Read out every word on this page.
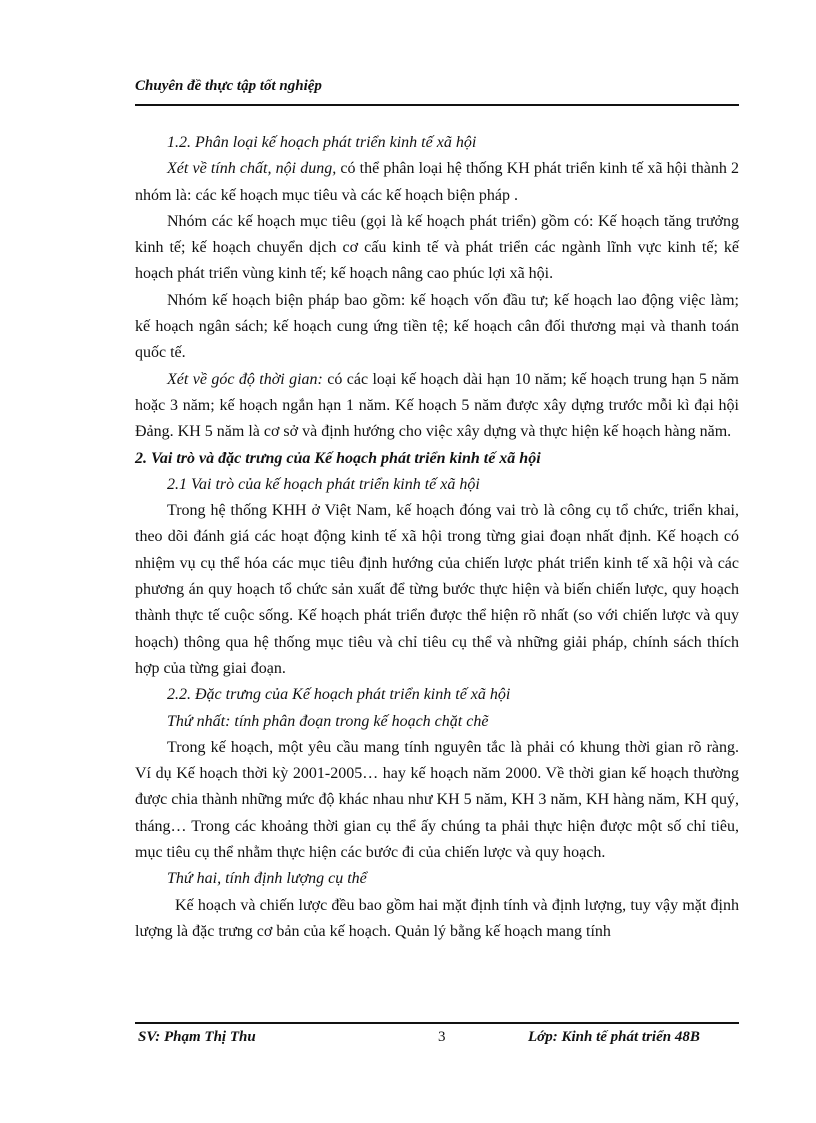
Chuyên đề thực tập tốt nghiệp

1.2. Phân loại kế hoạch phát triển kinh tế xã hội

Xét về tính chất, nội dung, có thể phân loại hệ thống KH phát triển kinh tế xã hội thành 2 nhóm là: các kế hoạch mục tiêu và các kế hoạch biện pháp .

Nhóm các kế hoạch mục tiêu (gọi là kế hoạch phát triển) gồm có: Kế hoạch tăng trưởng kinh tế; kế hoạch chuyển dịch cơ cấu kinh tế và phát triển các ngành lĩnh vực kinh tế; kế hoạch phát triển vùng kinh tế; kế hoạch nâng cao phúc lợi xã hội.

Nhóm kế hoạch biện pháp bao gồm: kế hoạch vốn đầu tư; kế hoạch lao động việc làm; kế hoạch ngân sách; kế hoạch cung ứng tiền tệ; kế hoạch cân đối thương mại và thanh toán quốc tế.

Xét về góc độ thời gian: có các loại kế hoạch dài hạn 10 năm; kế hoạch trung hạn 5 năm hoặc 3 năm; kế hoạch ngắn hạn 1 năm. Kế hoạch 5 năm được xây dựng trước mỗi kì đại hội Đảng. KH 5 năm là cơ sở và định hướng cho việc xây dựng và thực hiện kế hoạch hàng năm.

2. Vai trò và đặc trưng của Kế hoạch phát triển kinh tế xã hội

2.1 Vai trò của kế hoạch phát triển kinh tế xã hội

Trong hệ thống KHH ở Việt Nam, kế hoạch đóng vai trò là công cụ tổ chức, triển khai, theo dõi đánh giá các hoạt động kinh tế xã hội trong từng giai đoạn nhất định. Kế hoạch có nhiệm vụ cụ thể hóa các mục tiêu định hướng của chiến lược phát triển kinh tế xã hội và các phương án quy hoạch tổ chức sản xuất để từng bước thực hiện và biến chiến lược, quy hoạch thành thực tế cuộc sống. Kế hoạch phát triển được thể hiện rõ nhất (so với chiến lược và quy hoạch) thông qua hệ thống mục tiêu và chỉ tiêu cụ thể và những giải pháp, chính sách thích hợp của từng giai đoạn.

2.2. Đặc trưng của Kế hoạch phát triển kinh tế xã hội

Thứ nhất: tính phân đoạn trong kế hoạch chặt chẽ

Trong kế hoạch, một yêu cầu mang tính nguyên tắc là phải có khung thời gian rõ ràng. Ví dụ Kế hoạch thời kỳ 2001-2005… hay kế hoạch năm 2000. Về thời gian kế hoạch thường được chia thành những mức độ khác nhau như KH 5 năm, KH 3 năm, KH hàng năm, KH quý, tháng… Trong các khoảng thời gian cụ thể ấy chúng ta phải thực hiện được một số chỉ tiêu, mục tiêu cụ thể nhằm thực hiện các bước đi của chiến lược và quy hoạch.

Thứ hai, tính định lượng cụ thể

Kế hoạch và chiến lược đều bao gồm hai mặt định tính và định lượng, tuy vậy mặt định lượng là đặc trưng cơ bản của kế hoạch. Quản lý bằng kế hoạch mang tính

SV: Phạm Thị Thu	3	Lớp: Kinh tế phát triển 48B
